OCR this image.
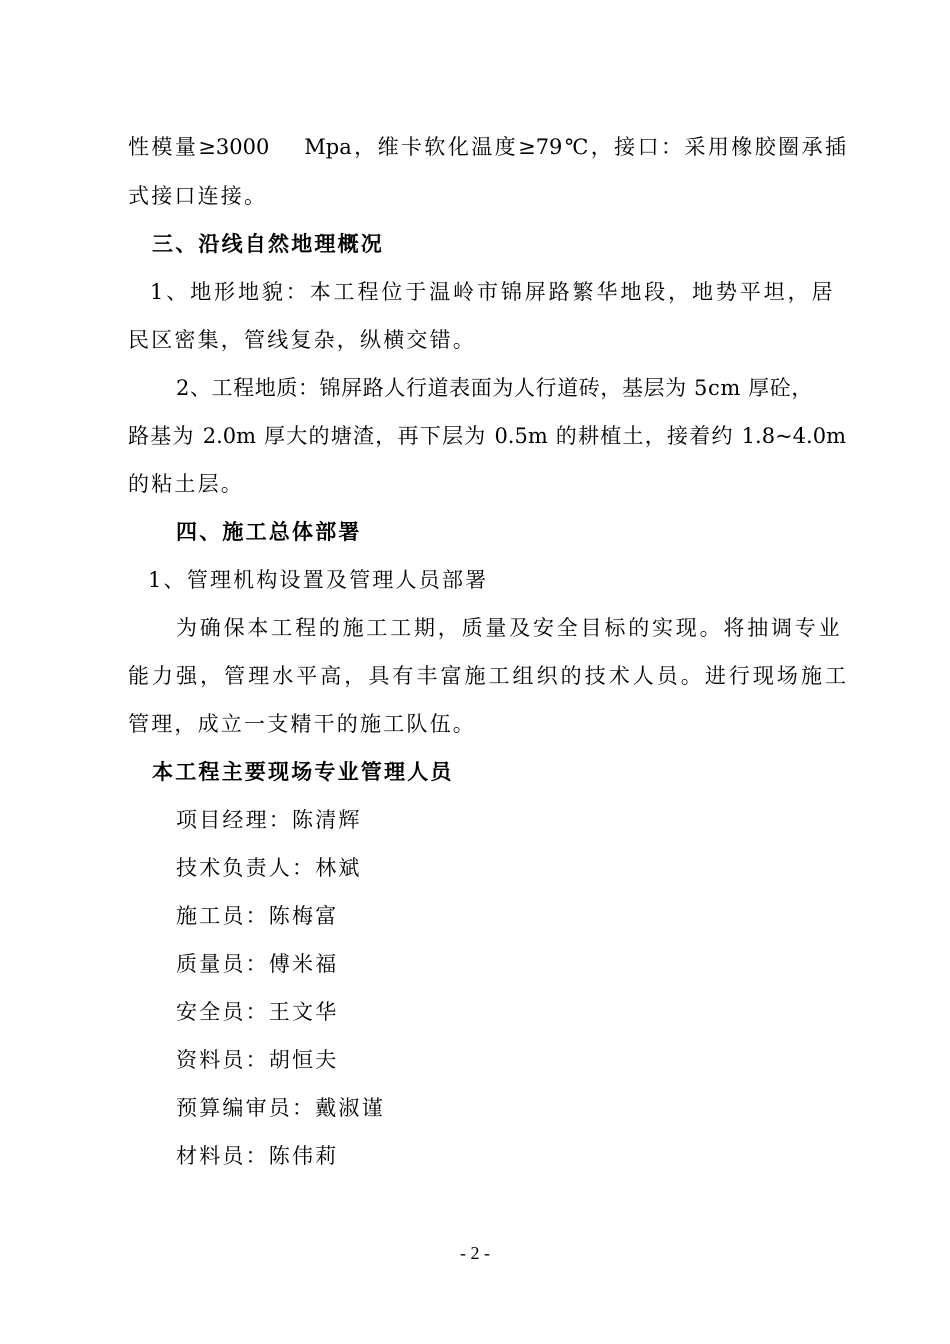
性模量≥3000　 Mpa，维卡软化温度≥79℃，接口：采用橡胶圈承插
式接口连接。
三、沿线自然地理概况
1、地形地貌：本工程位于温岭市锦屏路繁华地段，地势平坦，居
民区密集，管线复杂，纵横交错。
2、工程地质：锦屏路人行道表面为人行道砖，基层为 5cm 厚砼，
路基为 2.0m 厚大的塘渣，再下层为 0.5m 的耕植土，接着约 1.8~4.0m
的粘土层。
四、施工总体部署
1、管理机构设置及管理人员部署
为确保本工程的施工工期，质量及安全目标的实现。将抽调专业
能力强，管理水平高，具有丰富施工组织的技术人员。进行现场施工
管理，成立一支精干的施工队伍。
本工程主要现场专业管理人员
项目经理：陈清辉
技术负责人：林斌
施工员：陈梅富
质量员：傅米福
安全员：王文华
资料员：胡恒夫
预算编审员：戴淑谨
材料员：陈伟莉
- 2 -
